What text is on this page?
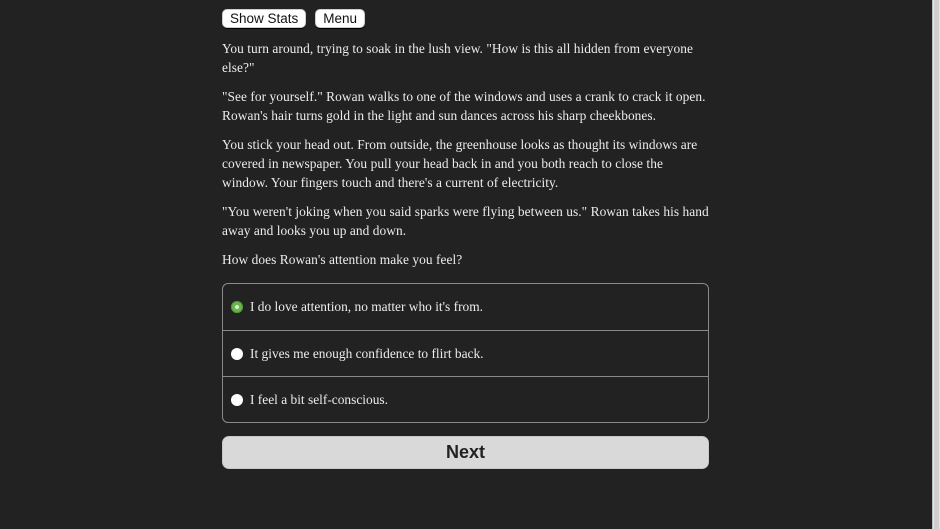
Show Stats	Menu

You turn around, trying to soak in the lush view. "How is this all hidden from everyone else?"

"See for yourself." Rowan walks to one of the windows and uses a crank to crack it open. Rowan's hair turns gold in the light and sun dances across his sharp cheekbones.

You stick your head out. From outside, the greenhouse looks as thought its windows are covered in newspaper. You pull your head back in and you both reach to close the window. Your fingers touch and there's a current of electricity.

"You weren't joking when you said sparks were flying between us." Rowan takes his hand away and looks you up and down.

How does Rowan's attention make you feel?

I do love attention, no matter who it's from.
It gives me enough confidence to flirt back.
I feel a bit self-conscious.
Next
